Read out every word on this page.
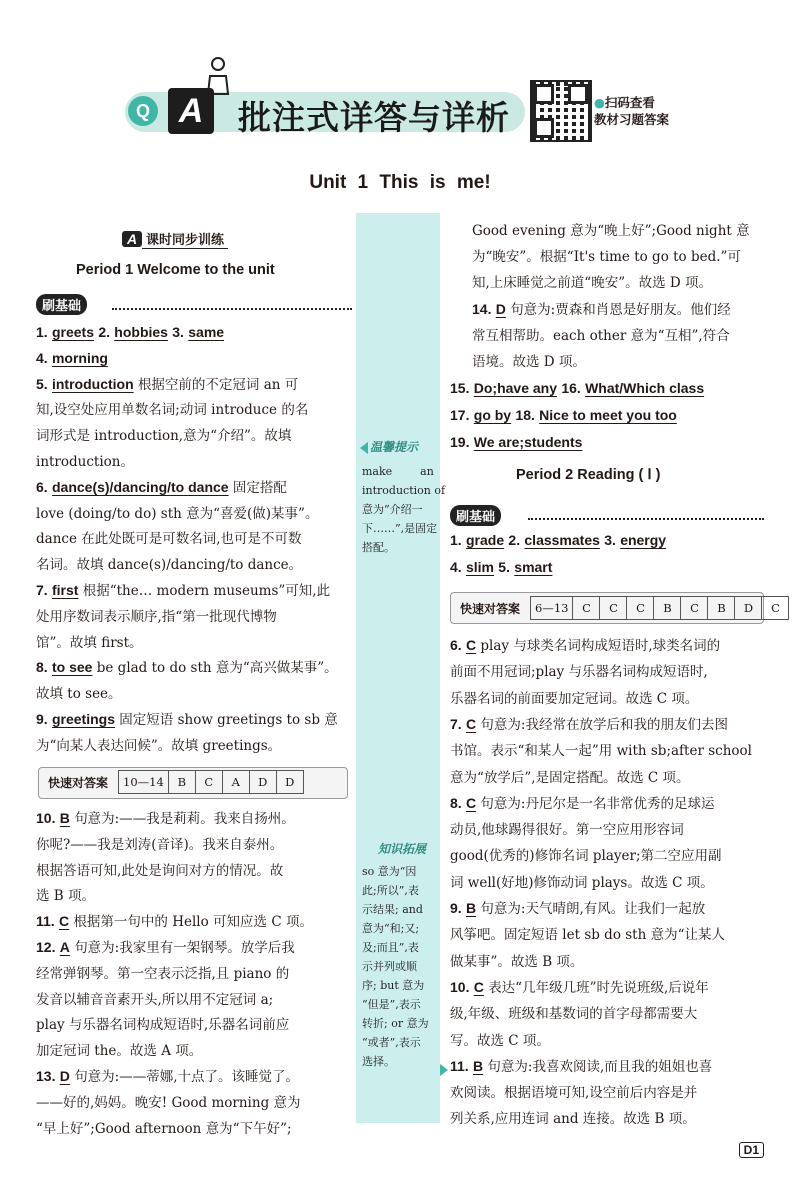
Q A	批注式详答与详析	●扫码查看
教材习题答案
Unit 1 This is me!
温馨提示
make        an
introduction of
意为“介绍一
下……”,是固定
搭配。
知识拓展
so 意为“因
此;所以”,表
示结果; and
意为“和;又;
及;而且”,表
示并列或顺
序; but 意为
“但是”,表示
转折; or 意为
“或者”,表示
选择。
A 课时同步训练
Period 1 Welcome to the unit
刷基础
1. greets 2. hobbies 3. same
4. morning
5. introduction 根据空前的不定冠词 an 可
知,设空处应用单数名词;动词 introduce 的名
词形式是 introduction,意为“介绍”。故填
introduction。
6. dance(s)/dancing/to dance 固定搭配
love (doing/to do) sth 意为“喜爱(做)某事”。
dance 在此处既可是可数名词,也可是不可数
名词。故填 dance(s)/dancing/to dance。
7. first 根据“the… modern museums”可知,此
处用序数词表示顺序,指“第一批现代博物
馆”。故填 first。
8. to see be glad to do sth 意为“高兴做某事”。
故填 to see。
9. greetings 固定短语 show greetings to sb 意
为“向某人表达问候”。故填 greetings。
快速对答案	10—14	B	C	A	D	D
10. B 句意为:——我是莉莉。我来自扬州。
你呢?——我是刘涛(音译)。我来自泰州。
根据答语可知,此处是询问对方的情况。故
选 B 项。
11. C 根据第一句中的 Hello 可知应选 C 项。
12. A 句意为:我家里有一架钢琴。放学后我
经常弹钢琴。第一空表示泛指,且 piano 的
发音以辅音音素开头,所以用不定冠词 a;
play 与乐器名词构成短语时,乐器名词前应
加定冠词 the。故选 A 项。
13. D 句意为:——蒂娜,十点了。该睡觉了。
——好的,妈妈。晚安! Good morning 意为
“早上好”;Good afternoon 意为“下午好”;
Good evening 意为“晚上好”;Good night 意
为“晚安”。根据“It's time to go to bed.”可
知,上床睡觉之前道“晚安”。故选 D 项。
14. D 句意为:贾森和肖恩是好朋友。他们经
常互相帮助。each other 意为“互相”,符合
语境。故选 D 项。
15. Do;have any 16. What/Which class
17. go by 18. Nice to meet you too
19. We are;students
Period 2 Reading ( Ⅰ )
刷基础
1. grade 2. classmates 3. energy
4. slim 5. smart
快速对答案	6—13	C	C	C	B	C	B	D	C
6. C play 与球类名词构成短语时,球类名词的
前面不用冠词;play 与乐器名词构成短语时,
乐器名词的前面要加定冠词。故选 C 项。
7. C 句意为:我经常在放学后和我的朋友们去图
书馆。表示“和某人一起”用 with sb;after school
意为“放学后”,是固定搭配。故选 C 项。
8. C 句意为:丹尼尔是一名非常优秀的足球运
动员,他球踢得很好。第一空应用形容词
good(优秀的)修饰名词 player;第二空应用副
词 well(好地)修饰动词 plays。故选 C 项。
9. B 句意为:天气晴朗,有风。让我们一起放
风筝吧。固定短语 let sb do sth 意为“让某人
做某事”。故选 B 项。
10. C 表达“几年级几班”时先说班级,后说年
级,年级、班级和基数词的首字母都需要大
写。故选 C 项。
11. B 句意为:我喜欢阅读,而且我的姐姐也喜
欢阅读。根据语境可知,设空前后内容是并
列关系,应用连词 and 连接。故选 B 项。
D1
